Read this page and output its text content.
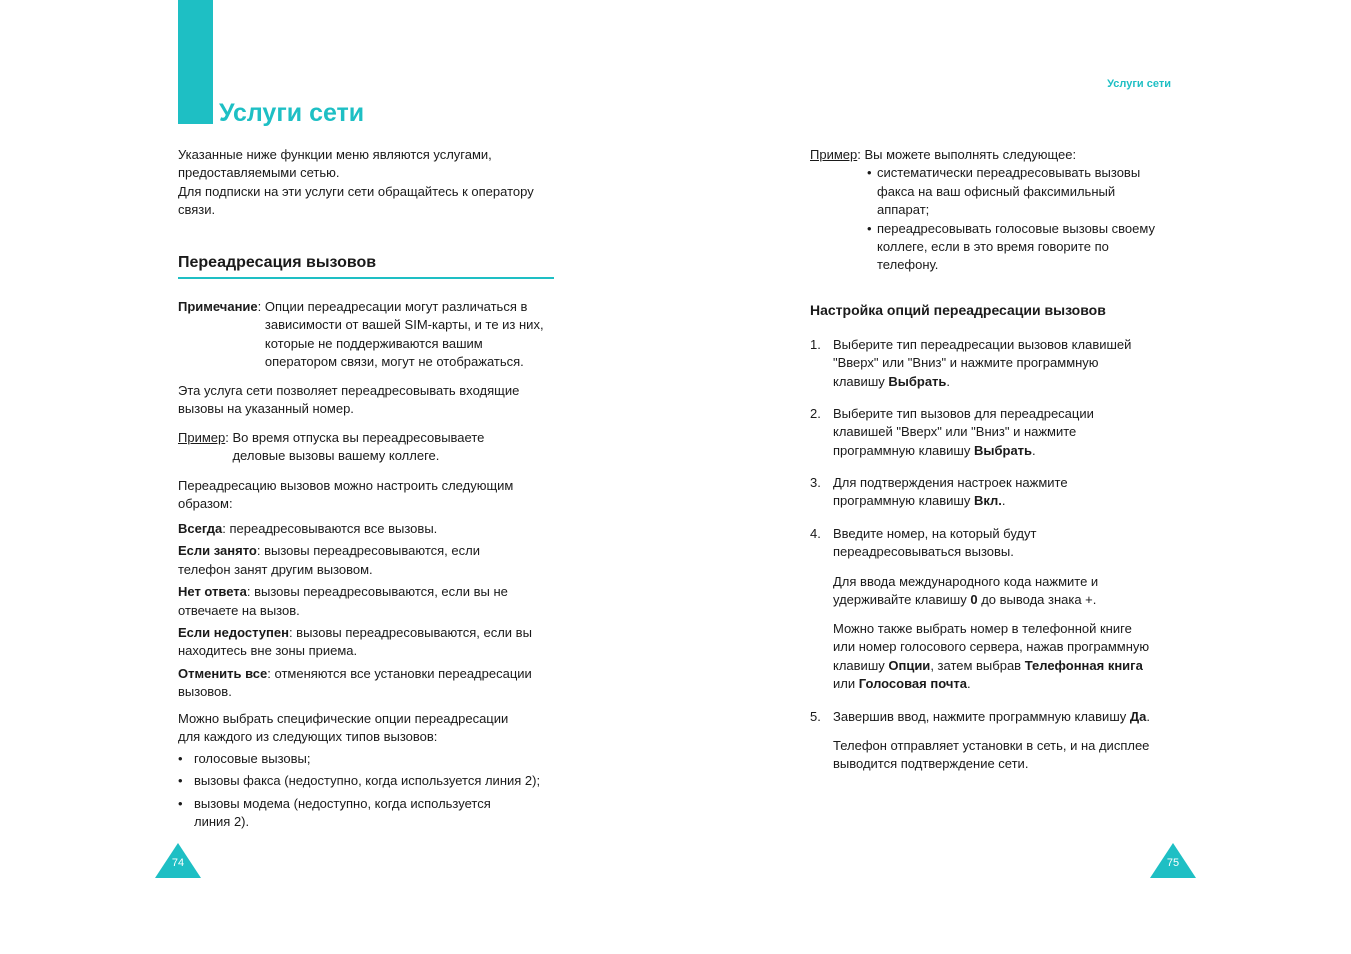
Услуги сети
Указанные ниже функции меню являются услугами,
предоставляемыми сетью.
Для подписки на эти услуги сети обращайтесь к оператору
связи.
Переадресация вызовов
Примечание: Опции переадресации могут различаться в
зависимости от вашей SIM-карты, и те из них,
которые не поддерживаются вашим
оператором связи, могут не отображаться.
Эта услуга сети позволяет переадресовывать входящие
вызовы на указанный номер.
Пример: Во время отпуска вы переадресовываете
деловые вызовы вашему коллеге.
Переадресацию вызовов можно настроить следующим
образом:
Всегда: переадресовываются все вызовы.
Если занято: вызовы переадресовываются, если
телефон занят другим вызовом.
Нет ответа: вызовы переадресовываются, если вы не
отвечаете на вызов.
Если недоступен: вызовы переадресовываются, если вы
находитесь вне зоны приема.
Отменить все: отменяются все установки переадресации
вызовов.
Можно выбрать специфические опции переадресации
для каждого из следующих типов вызовов:
• голосовые вызовы;
• вызовы факса (недоступно, когда используется линия 2);
• вызовы модема (недоступно, когда используется
линия 2).
74
Услуги сети
Пример: Вы можете выполнять следующее:
• систематически переадресовывать вызовы
факса на ваш офисный факсимильный
аппарат;
• переадресовывать голосовые вызовы своему
коллеге, если в это время говорите по
телефону.
Настройка опций переадресации вызовов
1. Выберите тип переадресации вызовов клавишей
"Вверх" или "Вниз" и нажмите программную
клавишу Выбрать.
2. Выберите тип вызовов для переадресации
клавишей "Вверх" или "Вниз" и нажмите
программную клавишу Выбрать.
3. Для подтверждения настроек нажмите
программную клавишу Вкл..
4. Введите номер, на который будут
переадресовываться вызовы.
Для ввода международного кода нажмите и
удерживайте клавишу 0 до вывода знака +.
Можно также выбрать номер в телефонной книге
или номер голосового сервера, нажав программную
клавишу Опции, затем выбрав Телефонная книга
или Голосовая почта.
5. Завершив ввод, нажмите программную клавишу Да.
Телефон отправляет установки в сеть, и на дисплее
выводится подтверждение сети.
75
